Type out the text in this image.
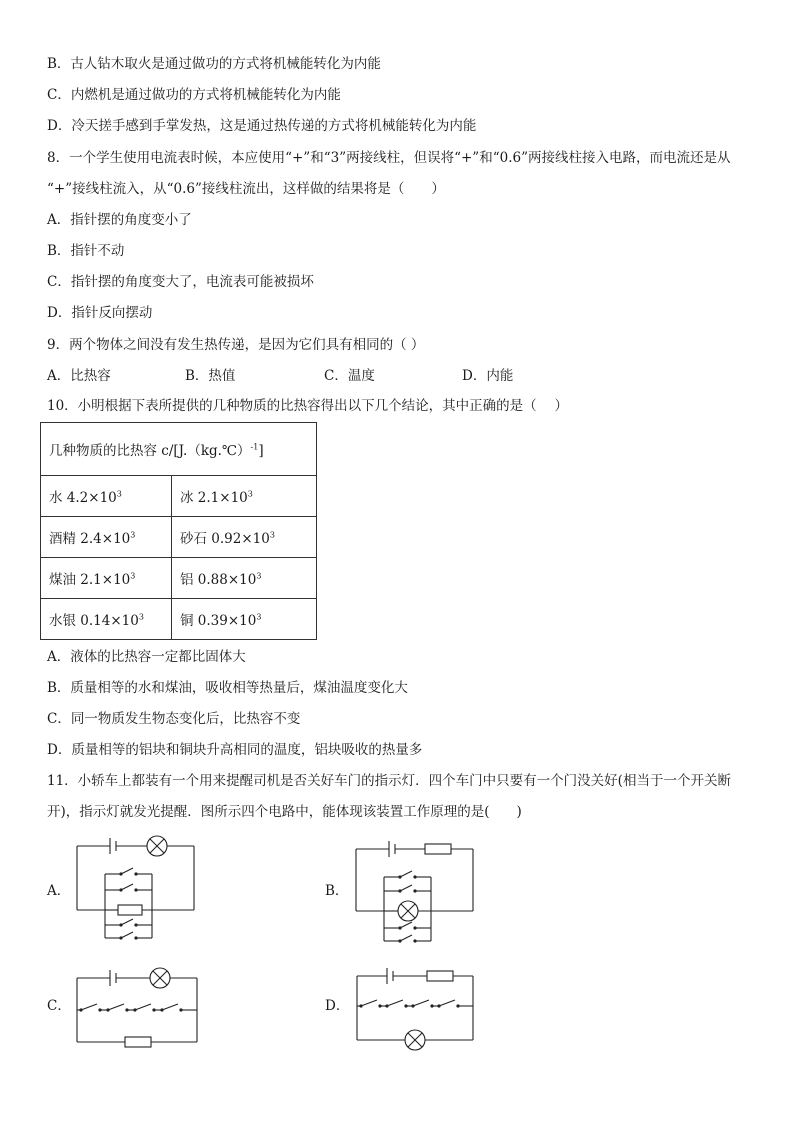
B．古人钻木取火是通过做功的方式将机械能转化为内能
C．内燃机是通过做功的方式将机械能转化为内能
D．冷天搓手感到手掌发热，这是通过热传递的方式将机械能转化为内能
8．一个学生使用电流表时候，本应使用“+”和“3”两接线柱，但误将“+”和“0.6”两接线柱接入电路，而电流还是从
“+”接线柱流入，从“0.6”接线柱流出，这样做的结果将是（　　）
A．指针摆的角度变小了
B．指针不动
C．指针摆的角度变大了，电流表可能被损坏
D．指针反向摆动
9．两个物体之间没有发生热传递，是因为它们具有相同的（ ）
A．比热容	B．热值	C．温度	D．内能
10．小明根据下表所提供的几种物质的比热容得出以下几个结论，其中正确的是（　 ）
几种物质的比热容 c/[J.（kg.℃）$^{-1}$]	
水 $4.2\times 10^3$	冰 $2.1\times 10^3$
酒精 $2.4\times 10^3$	砂石 $0.92\times 10^3$
煤油 $2.1\times 10^3$	铝 $0.88\times 10^3$
水银 $0.14\times 10^3$	铜 $0.39\times 10^3$
A．液体的比热容一定都比固体大
B．质量相等的水和煤油，吸收相等热量后，煤油温度变化大
C．同一物质发生物态变化后，比热容不变
D．质量相等的铝块和铜块升高相同的温度，铝块吸收的热量多
11．小轿车上都装有一个用来提醒司机是否关好车门的指示灯．四个车门中只要有一个门没关好(相当于一个开关断
开)，指示灯就发光提醒．图所示四个电路中，能体现该装置工作原理的是(　　)
A．	B．
C．	D．
